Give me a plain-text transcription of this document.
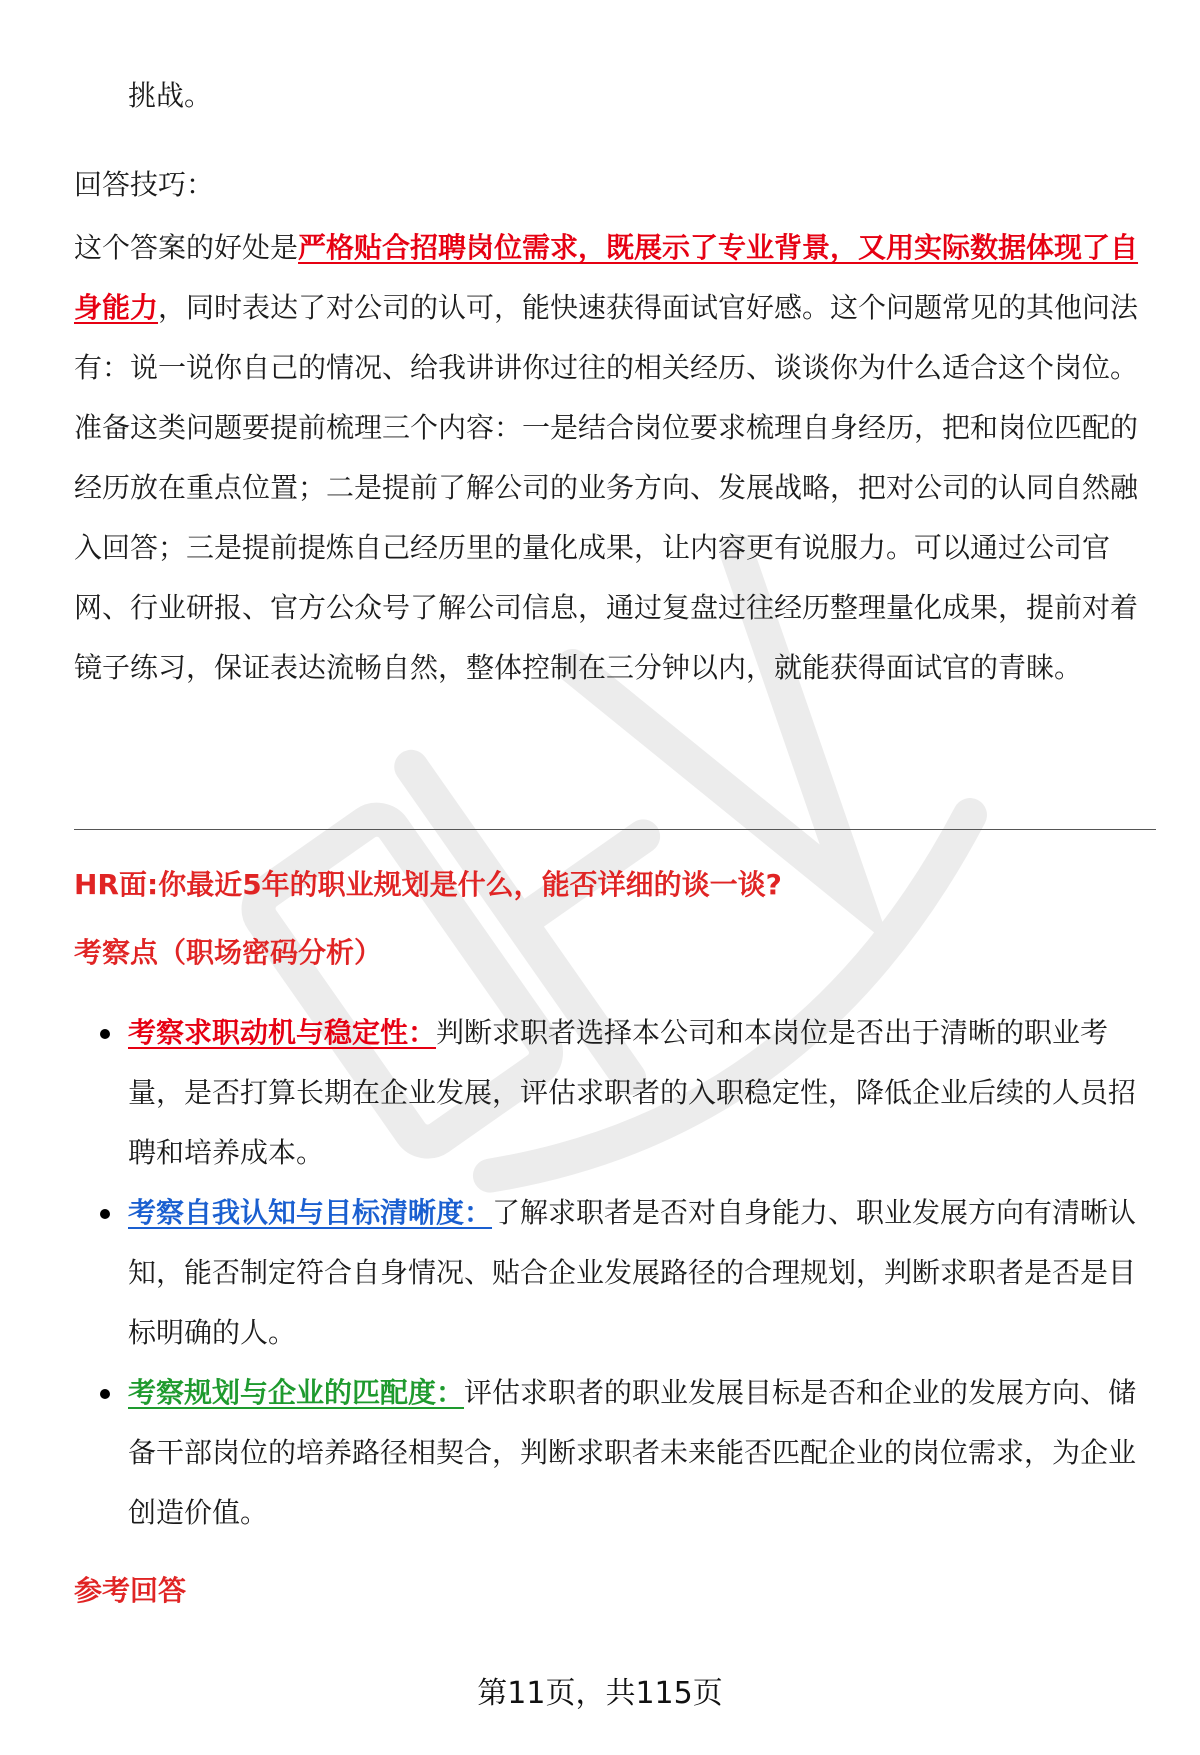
挑战。

回答技巧：

这个答案的好处是严格贴合招聘岗位需求，既展示了专业背景，又用实际数据体现了自身能力，同时表达了对公司的认可，能快速获得面试官好感。这个问题常见的其他问法有：说一说你自己的情况、给我讲讲你过往的相关经历、谈谈你为什么适合这个岗位。准备这类问题要提前梳理三个内容：一是结合岗位要求梳理自身经历，把和岗位匹配的经历放在重点位置；二是提前了解公司的业务方向、发展战略，把对公司的认同自然融入回答；三是提前提炼自己经历里的量化成果，让内容更有说服力。可以通过公司官网、行业研报、官方公众号了解公司信息，通过复盘过往经历整理量化成果，提前对着镜子练习，保证表达流畅自然，整体控制在三分钟以内，就能获得面试官的青睐。

HR面:你最近5年的职业规划是什么，能否详细的谈一谈?

考察点（职场密码分析）

考察求职动机与稳定性：判断求职者选择本公司和本岗位是否出于清晰的职业考量，是否打算长期在企业发展，评估求职者的入职稳定性，降低企业后续的人员招聘和培养成本。
考察自我认知与目标清晰度：了解求职者是否对自身能力、职业发展方向有清晰认知，能否制定符合自身情况、贴合企业发展路径的合理规划，判断求职者是否是目标明确的人。
考察规划与企业的匹配度：评估求职者的职业发展目标是否和企业的发展方向、储备干部岗位的培养路径相契合，判断求职者未来能否匹配企业的岗位需求，为企业创造价值。

参考回答

第11页，共115页
